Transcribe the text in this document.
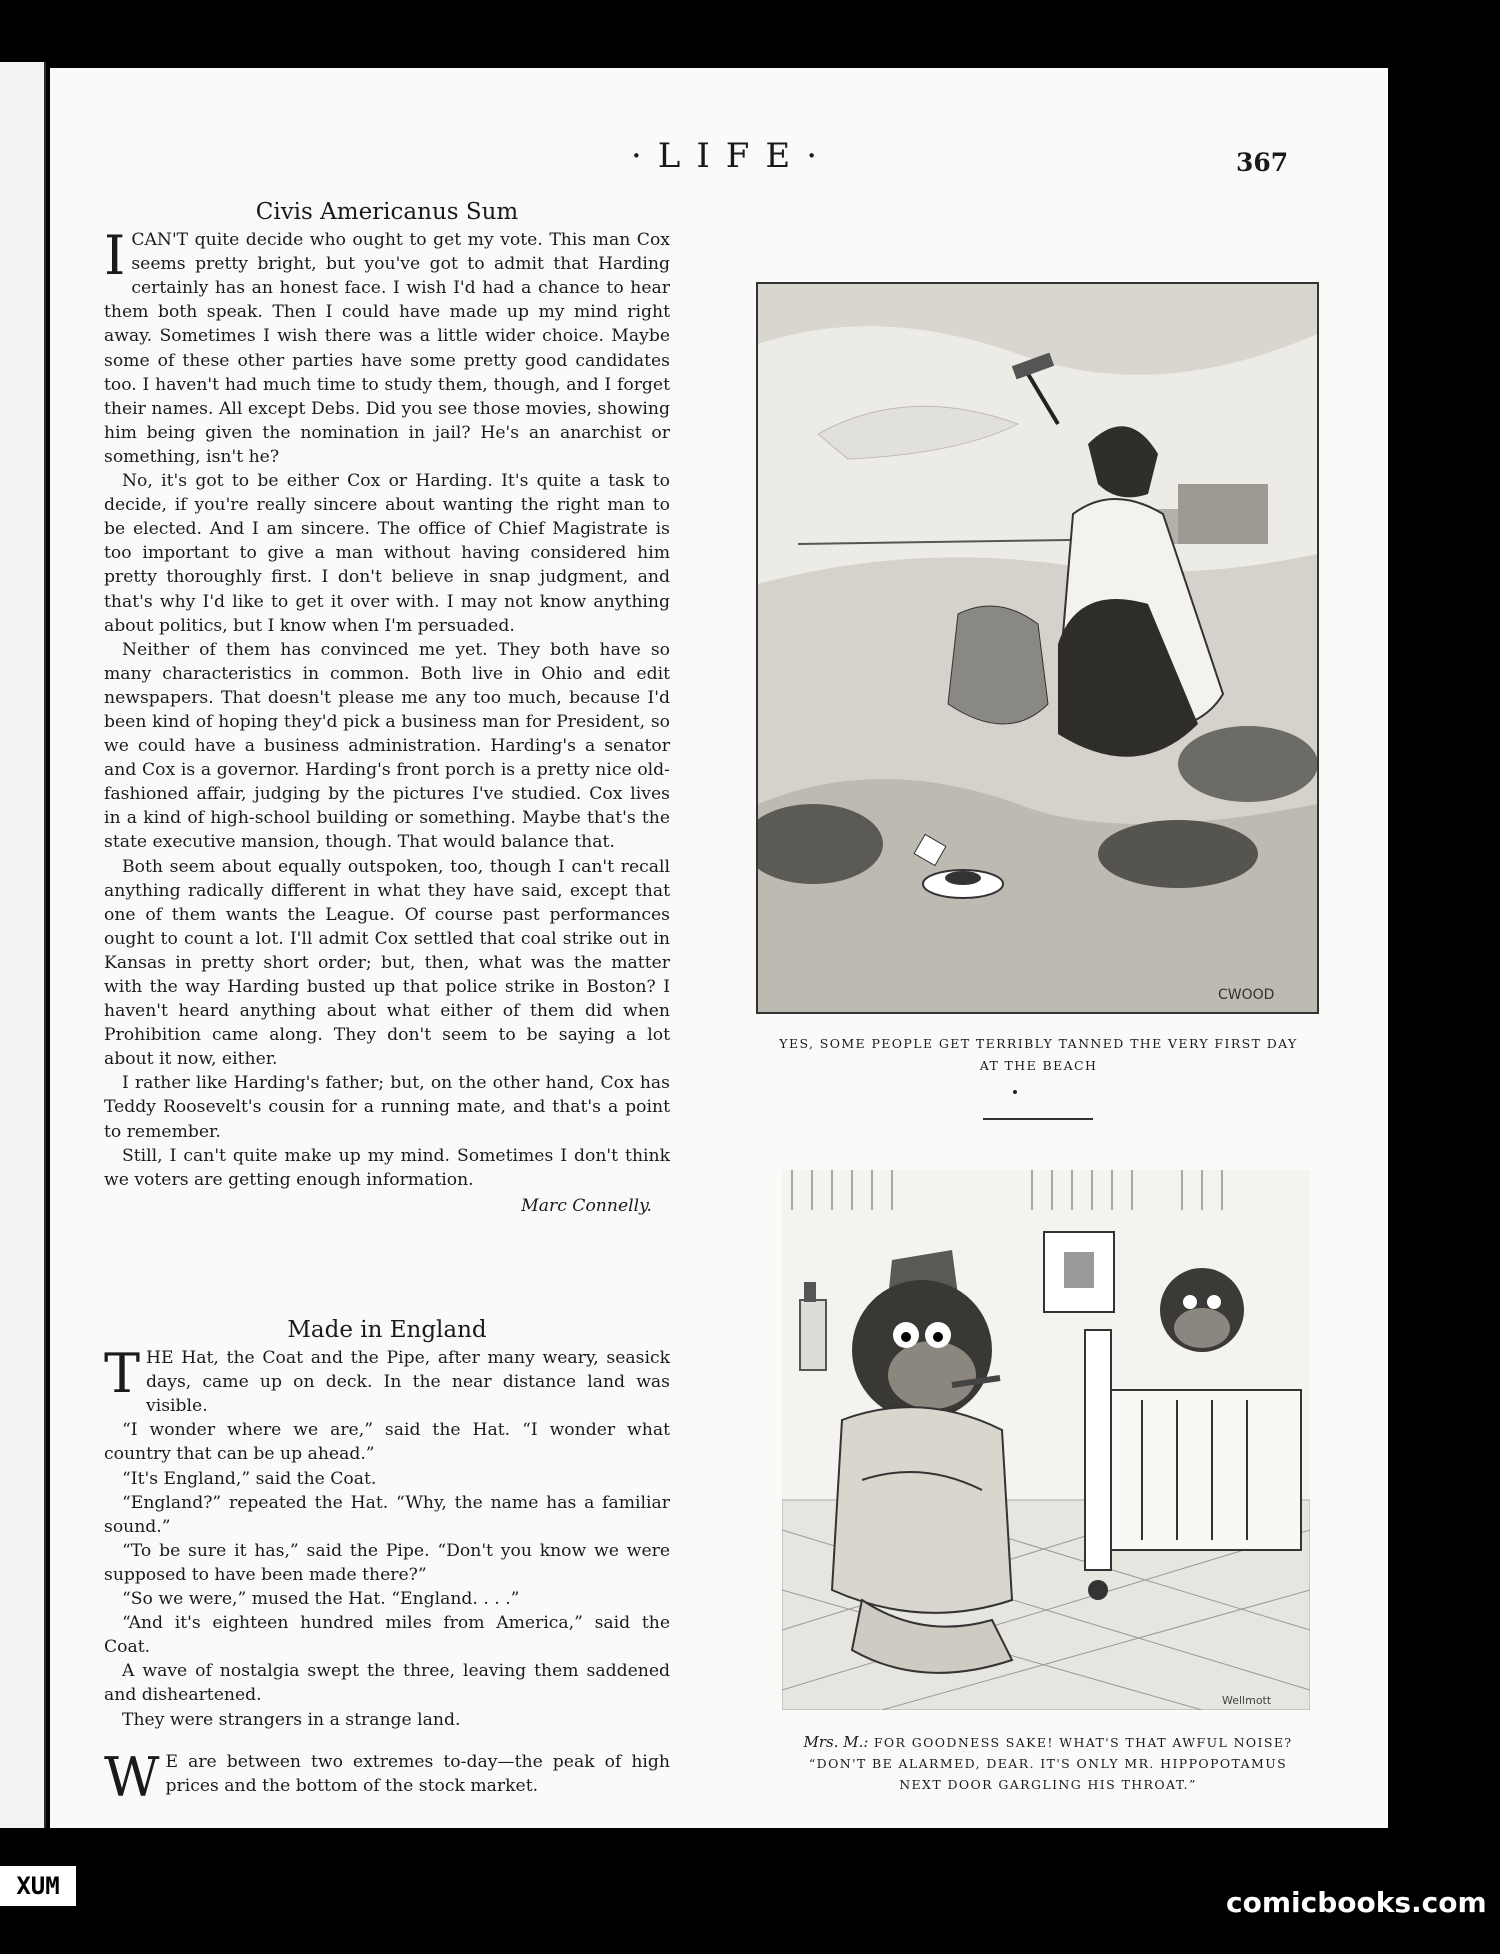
·LIFE·	367
Civis Americanus Sum

ICAN'T quite decide who ought to get my vote. This man Cox seems pretty bright, but you've got to admit that Harding certainly has an honest face. I wish I'd had a chance to hear them both speak. Then I could have made up my mind right away. Sometimes I wish there was a little wider choice. Maybe some of these other parties have some pretty good candidates too. I haven't had much time to study them, though, and I forget their names. All except Debs. Did you see those movies, showing him being given the nomination in jail? He's an anarchist or something, isn't he?

No, it's got to be either Cox or Harding. It's quite a task to decide, if you're really sincere about wanting the right man to be elected. And I am sincere. The office of Chief Magistrate is too important to give a man without having considered him pretty thoroughly first. I don't believe in snap judgment, and that's why I'd like to get it over with. I may not know anything about politics, but I know when I'm persuaded.

Neither of them has convinced me yet. They both have so many characteristics in common. Both live in Ohio and edit newspapers. That doesn't please me any too much, because I'd been kind of hoping they'd pick a business man for President, so we could have a business administration. Harding's a senator and Cox is a governor. Harding's front porch is a pretty nice old-fashioned affair, judging by the pictures I've studied. Cox lives in a kind of high-school building or something. Maybe that's the state executive mansion, though. That would balance that.

Both seem about equally outspoken, too, though I can't recall anything radically different in what they have said, except that one of them wants the League. Of course past performances ought to count a lot. I'll admit Cox settled that coal strike out in Kansas in pretty short order; but, then, what was the matter with the way Harding busted up that police strike in Boston? I haven't heard anything about what either of them did when Prohibition came along. They don't seem to be saying a lot about it now, either.

I rather like Harding's father; but, on the other hand, Cox has Teddy Roosevelt's cousin for a running mate, and that's a point to remember.

Still, I can't quite make up my mind. Sometimes I don't think we voters are getting enough information.

Marc Connelly.
Made in England

THE Hat, the Coat and the Pipe, after many weary, seasick days, came up on deck. In the near distance land was visible.

“I wonder where we are,” said the Hat. “I wonder what country that can be up ahead.”

“It's England,” said the Coat.

“England?” repeated the Hat. “Why, the name has a familiar sound.”

“To be sure it has,” said the Pipe. “Don't you know we were supposed to have been made there?”

“So we were,” mused the Hat. “England. . . .”

“And it's eighteen hundred miles from America,” said the Coat.

A wave of nostalgia swept the three, leaving them saddened and disheartened.

They were strangers in a strange land.

W E are between two extremes to-day—the peak of high prices and the bottom of the stock market.

CWOOD
YES, SOME PEOPLE GET TERRIBLY TANNED THE VERY FIRST DAY
AT THE BEACH
Wellmott
Mrs. M.: FOR GOODNESS SAKE! WHAT'S THAT AWFUL NOISE?
“DON'T BE ALARMED, DEAR. IT'S ONLY MR. HIPPOPOTAMUS
NEXT DOOR GARGLING HIS THROAT.”
XUM	comicbooks.com
